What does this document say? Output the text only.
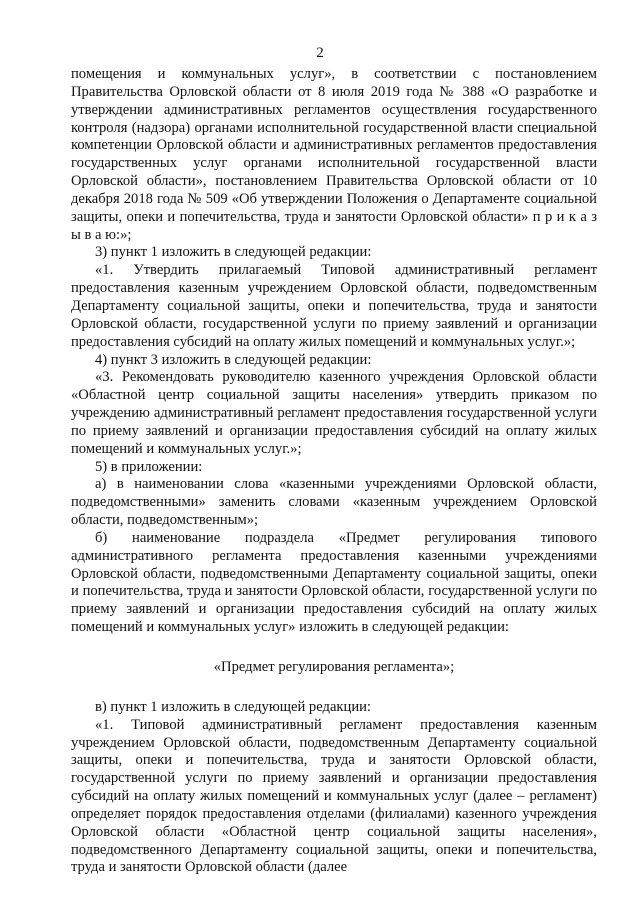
2

помещения и коммунальных услуг», в соответствии с постановлением Правительства Орловской области от 8 июля 2019 года № 388 «О разработке и утверждении административных регламентов осуществления государственного контроля (надзора) органами исполнительной государственной власти специальной компетенции Орловской области и административных регламентов предоставления государственных услуг органами исполнительной государственной власти Орловской области», постановлением Правительства Орловской области от 10 декабря 2018 года № 509 «Об утверждении Положения о Департаменте социальной защиты, опеки и попечительства, труда и занятости Орловской области» п р и к а з ы в а ю:»;

3) пункт 1 изложить в следующей редакции:

«1. Утвердить прилагаемый Типовой административный регламент предоставления казенным учреждением Орловской области, подведомственным Департаменту социальной защиты, опеки и попечительства, труда и занятости Орловской области, государственной услуги по приему заявлений и организации предоставления субсидий на оплату жилых помещений и коммунальных услуг.»;

4) пункт 3 изложить в следующей редакции:

«3. Рекомендовать руководителю казенного учреждения Орловской области «Областной центр социальной защиты населения» утвердить приказом по учреждению административный регламент предоставления государственной услуги по приему заявлений и организации предоставления субсидий на оплату жилых помещений и коммунальных услуг.»;

5) в приложении:

а) в наименовании слова «казенными учреждениями Орловской области, подведомственными» заменить словами «казенным учреждением Орловской области, подведомственным»;

б) наименование подраздела «Предмет регулирования типового административного регламента предоставления казенными учреждениями Орловской области, подведомственными Департаменту социальной защиты, опеки и попечительства, труда и занятости Орловской области, государственной услуги по приему заявлений и организации предоставления субсидий на оплату жилых помещений и коммунальных услуг» изложить в следующей редакции:

«Предмет регулирования регламента»;

в) пункт 1 изложить в следующей редакции:

«1. Типовой административный регламент предоставления казенным учреждением Орловской области, подведомственным Департаменту социальной защиты, опеки и попечительства, труда и занятости Орловской области, государственной услуги по приему заявлений и организации предоставления субсидий на оплату жилых помещений и коммунальных услуг (далее – регламент) определяет порядок предоставления отделами (филиалами) казенного учреждения Орловской области «Областной центр социальной защиты населения», подведомственного Департаменту социальной защиты, опеки и попечительства, труда и занятости Орловской области (далее
